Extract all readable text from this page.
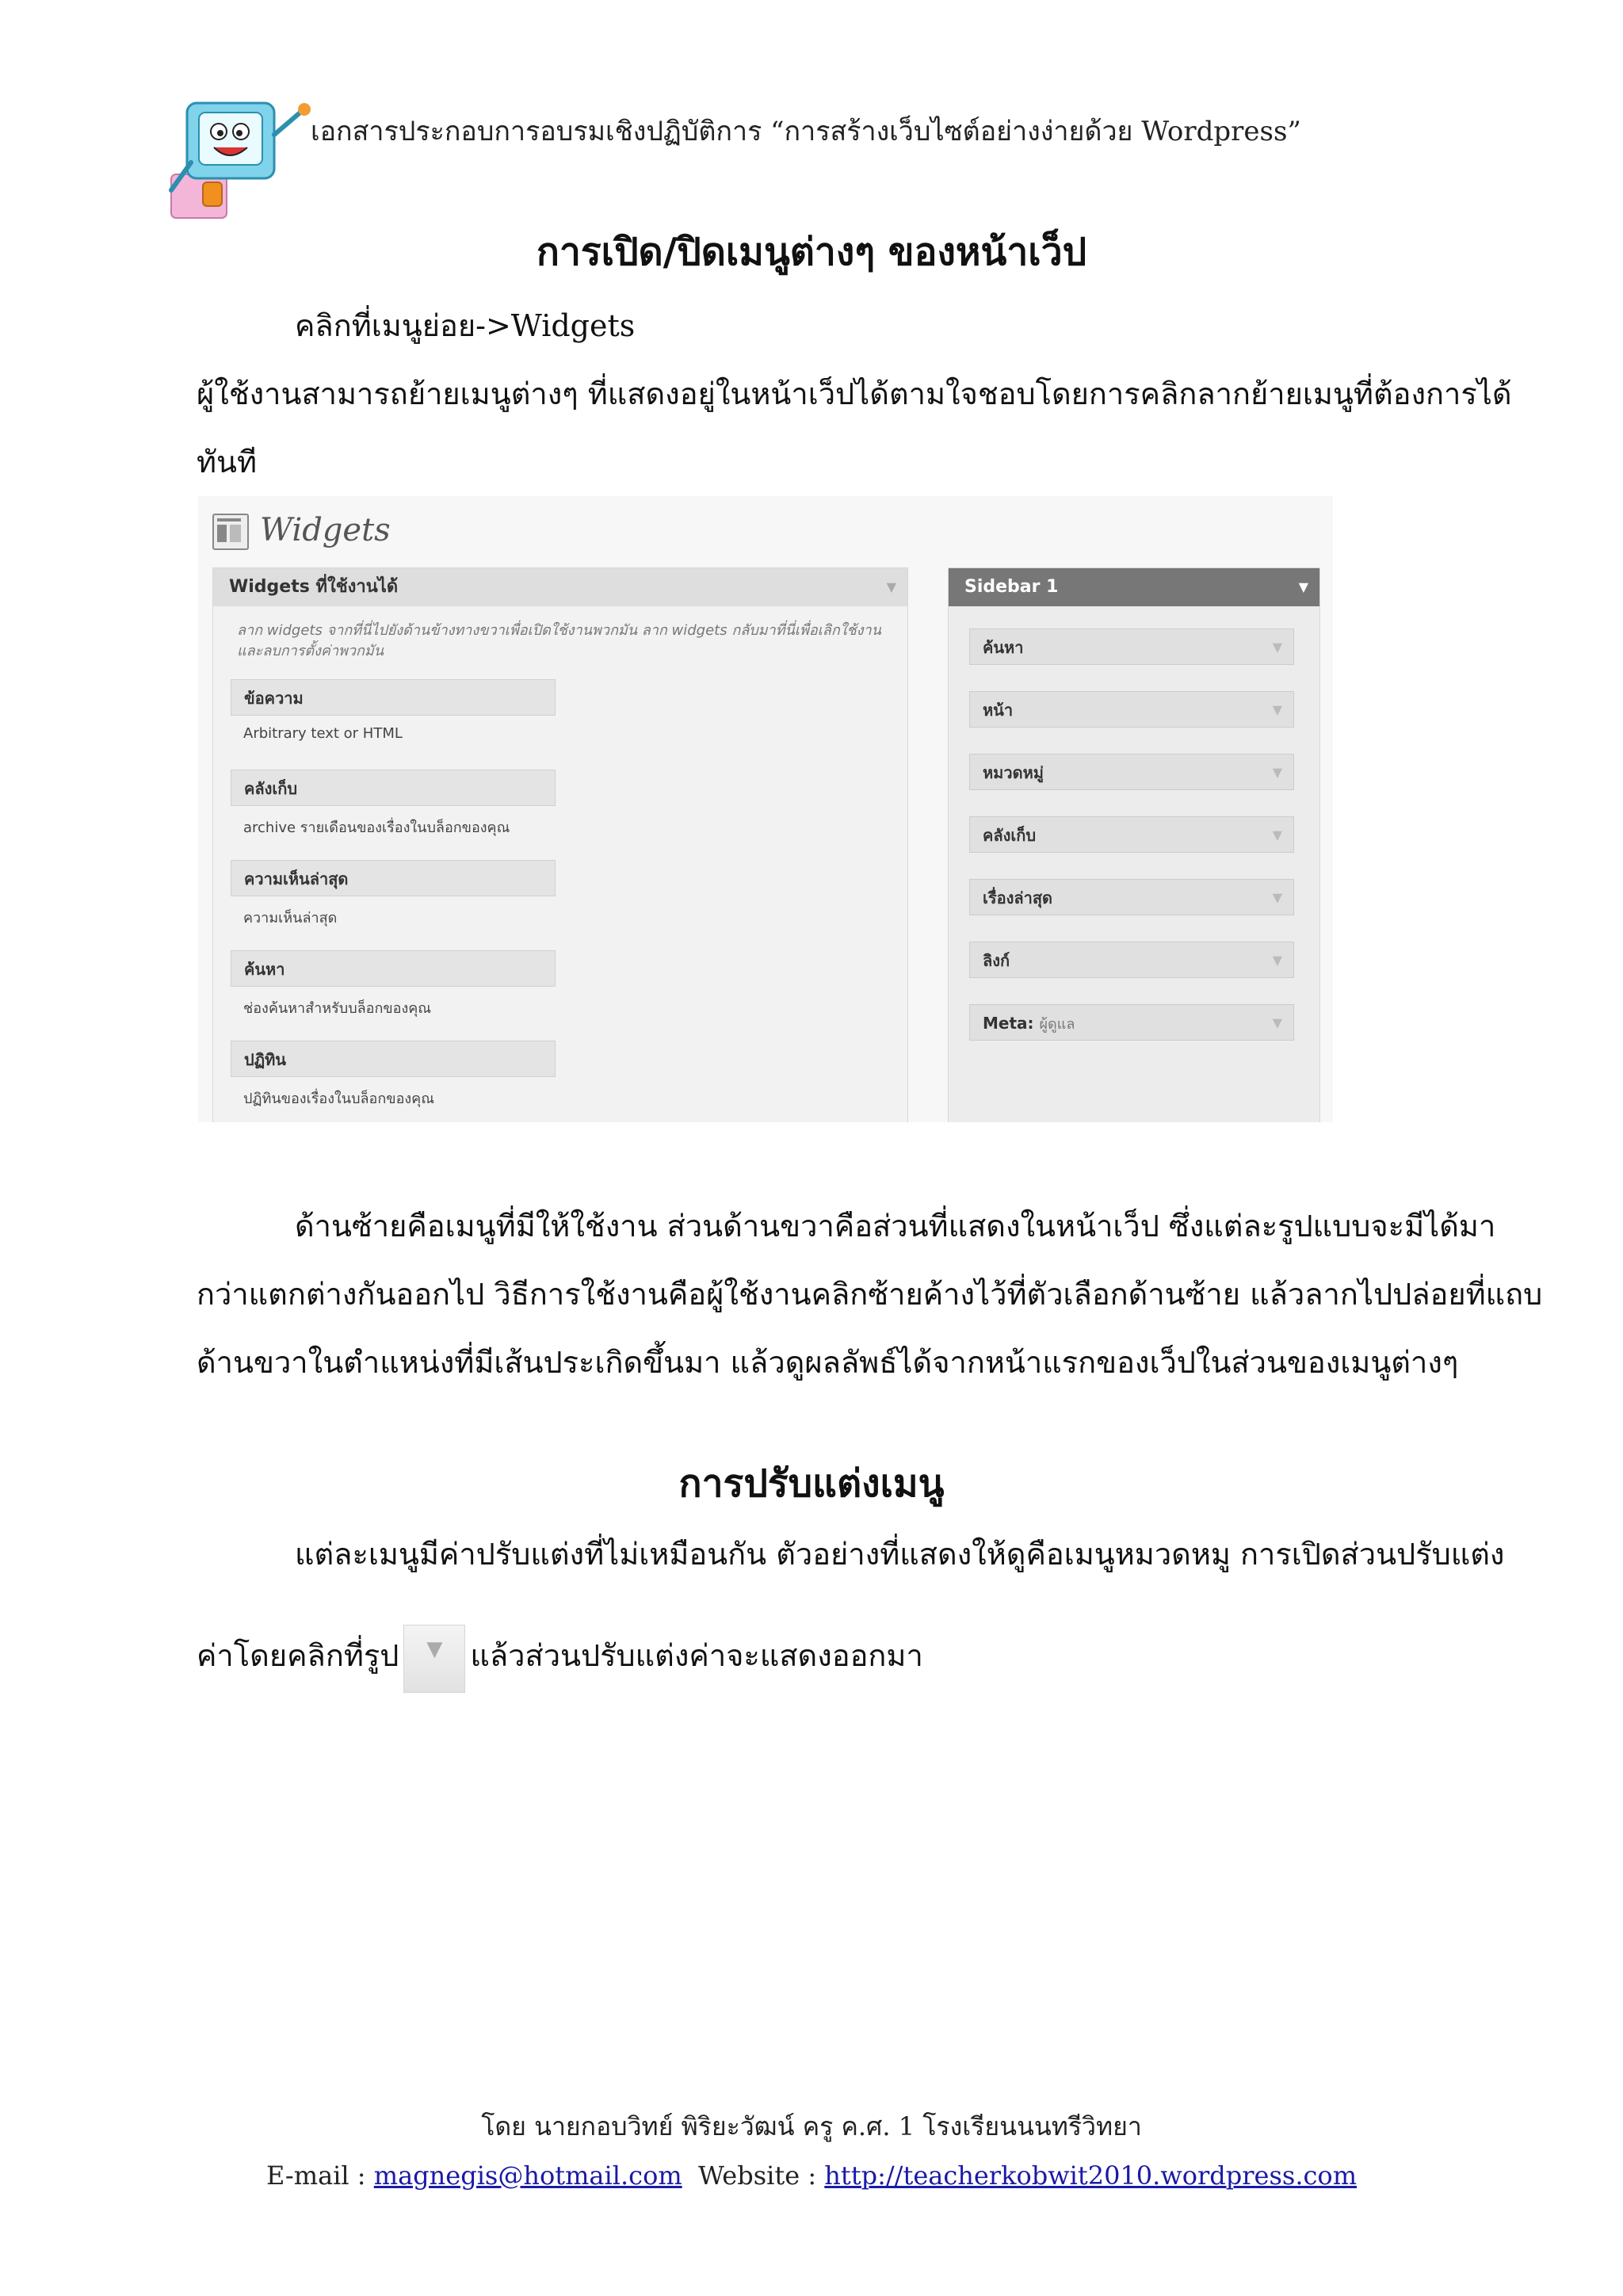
เอกสารประกอบการอบรมเชิงปฏิบัติการ “การสร้างเว็บไซต์อย่างง่ายด้วย Wordpress”
การเปิด/ปิดเมนูต่างๆ ของหน้าเว็ป
คลิกที่เมนูย่อย->Widgets
ผู้ใช้งานสามารถย้ายเมนูต่างๆ ที่แสดงอยู่ในหน้าเว็ปได้ตามใจชอบโดยการคลิกลากย้ายเมนูที่ต้องการได้
ทันที
Widgets
Widgets ที่ใช้งานได้	▼
ลาก widgets จากที่นี่ไปยังด้านข้างทางขวาเพื่อเปิดใช้งานพวกมัน ลาก widgets กลับมาที่นี่เพื่อเลิกใช้งานและลบการตั้งค่าพวกมัน
ข้อความ
Arbitrary text or HTML
คลังเก็บ
archive รายเดือนของเรื่องในบล็อกของคุณ
ความเห็นล่าสุด
ความเห็นล่าสุด
ค้นหา
ช่องค้นหาสำหรับบล็อกของคุณ
ปฏิทิน
ปฏิทินของเรื่องในบล็อกของคุณ
Sidebar 1	▼
ค้นหา	▼
หน้า	▼
หมวดหมู่	▼
คลังเก็บ	▼
เรื่องล่าสุด	▼
ลิงก์	▼
Meta: ผู้ดูแล	▼
ด้านซ้ายคือเมนูที่มีให้ใช้งาน ส่วนด้านขวาคือส่วนที่แสดงในหน้าเว็ป ซึ่งแต่ละรูปแบบจะมีได้มา
กว่าแตกต่างกันออกไป วิธีการใช้งานคือผู้ใช้งานคลิกซ้ายค้างไว้ที่ตัวเลือกด้านซ้าย แล้วลากไปปล่อยที่แถบ
ด้านขวาในตำแหน่งที่มีเส้นประเกิดขึ้นมา แล้วดูผลลัพธ์ได้จากหน้าแรกของเว็ปในส่วนของเมนูต่างๆ
การปรับแต่งเมนู
แต่ละเมนูมีค่าปรับแต่งที่ไม่เหมือนกัน ตัวอย่างที่แสดงให้ดูคือเมนูหมวดหมู การเปิดส่วนปรับแต่ง
ค่าโดยคลิกที่รูป ▼ แล้วส่วนปรับแต่งค่าจะแสดงออกมา
โดย นายกอบวิทย์ พิริยะวัฒน์ ครู ค.ศ. 1 โรงเรียนนนทรีวิทยา
E-mail : magnegis@hotmail.com Website : http://teacherkobwit2010.wordpress.com
